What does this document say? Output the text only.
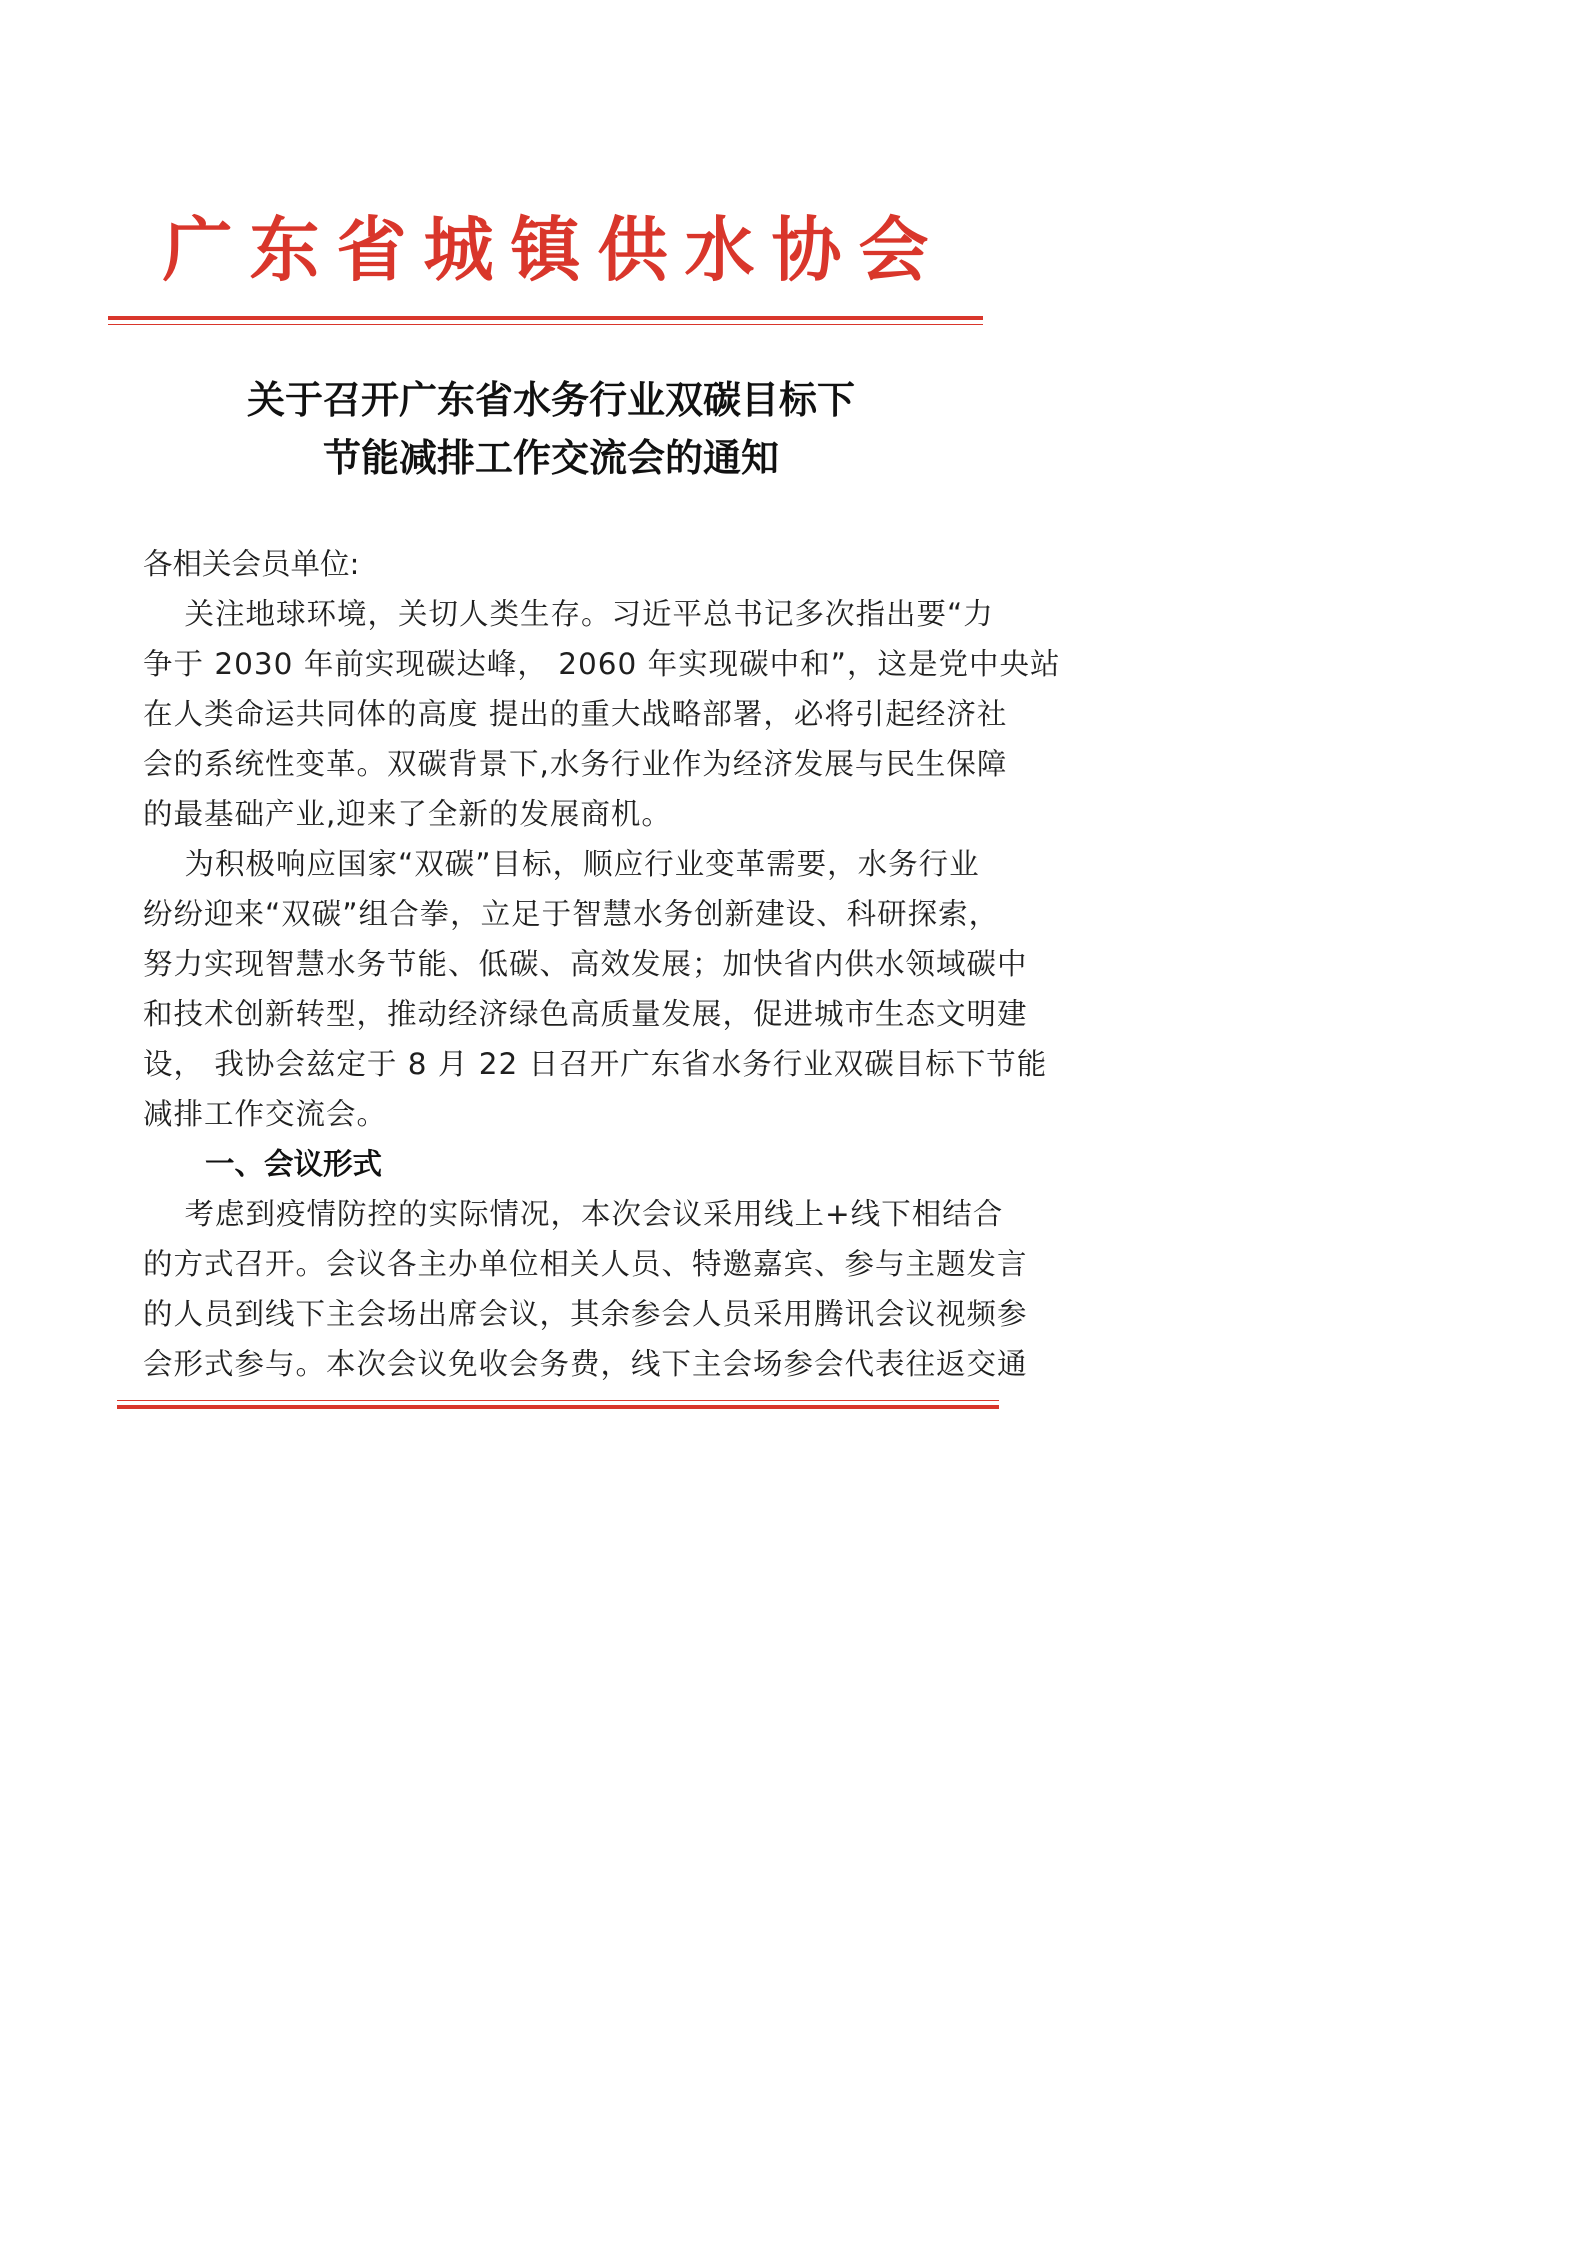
广东省城镇供水协会
关于召开广东省水务行业双碳目标下
节能减排工作交流会的通知
各相关会员单位:
关注地球环境，关切人类生存。习近平总书记多次指出要“力
争于 2030 年前实现碳达峰， 2060 年实现碳中和”，这是党中央站
在人类命运共同体的高度 提出的重大战略部署，必将引起经济社
会的系统性变革。双碳背景下,水务行业作为经济发展与民生保障
的最基础产业,迎来了全新的发展商机。
为积极响应国家“双碳”目标，顺应行业变革需要，水务行业
纷纷迎来“双碳”组合拳，立足于智慧水务创新建设、科研探索，
努力实现智慧水务节能、低碳、高效发展；加快省内供水领域碳中
和技术创新转型，推动经济绿色高质量发展，促进城市生态文明建
设， 我协会兹定于 8 月 22 日召开广东省水务行业双碳目标下节能
减排工作交流会。
一、会议形式
考虑到疫情防控的实际情况，本次会议采用线上+线下相结合
的方式召开。会议各主办单位相关人员、特邀嘉宾、参与主题发言
的人员到线下主会场出席会议，其余参会人员采用腾讯会议视频参
会形式参与。本次会议免收会务费，线下主会场参会代表往返交通
